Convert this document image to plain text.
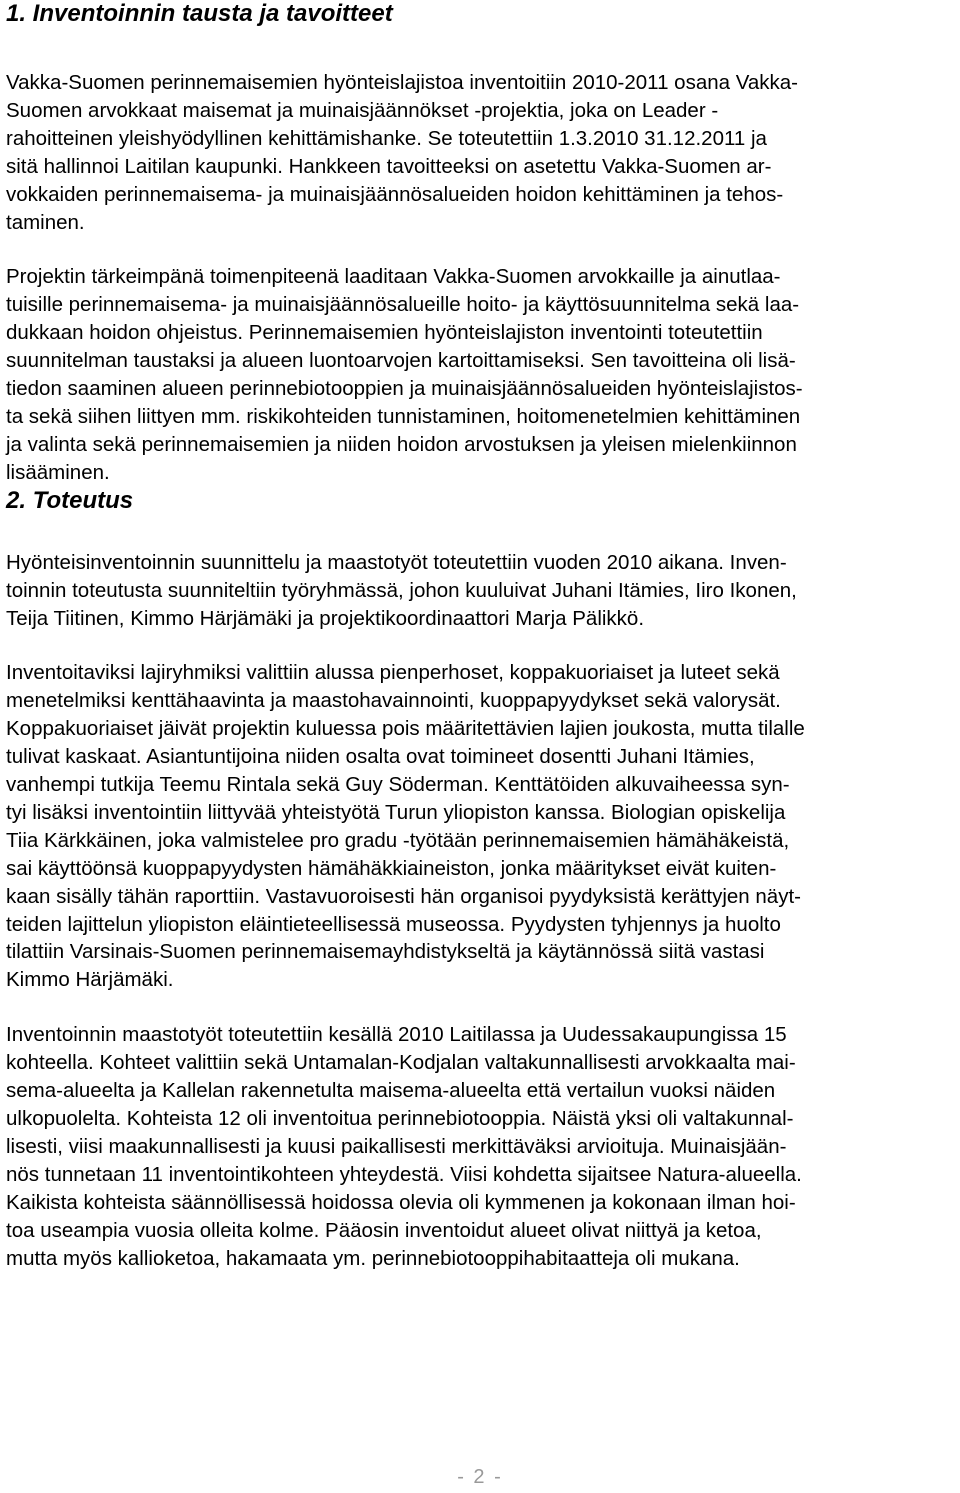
1. Inventoinnin tausta ja tavoitteet

Vakka-Suomen perinnemaisemien hyönteislajistoa inventoitiin 2010-2011 osana Vakka-
Suomen arvokkaat maisemat ja muinaisjäännökset -projektia, joka on Leader -
rahoitteinen yleishyödyllinen kehittämishanke. Se toteutettiin 1.3.2010 31.12.2011 ja
sitä hallinnoi Laitilan kaupunki. Hankkeen tavoitteeksi on asetettu Vakka-Suomen ar-
vokkaiden perinnemaisema- ja muinaisjäännösalueiden hoidon kehittäminen ja tehos-
taminen.

Projektin tärkeimpänä toimenpiteenä laaditaan Vakka-Suomen arvokkaille ja ainutlaa-
tuisille perinnemaisema- ja muinaisjäännösalueille hoito- ja käyttösuunnitelma sekä laa-
dukkaan hoidon ohjeistus. Perinnemaisemien hyönteislajiston inventointi toteutettiin
suunnitelman taustaksi ja alueen luontoarvojen kartoittamiseksi. Sen tavoitteina oli lisä-
tiedon saaminen alueen perinnebiotooppien ja muinaisjäännösalueiden hyönteislajistos-
ta sekä siihen liittyen mm. riskikohteiden tunnistaminen, hoitomenetelmien kehittäminen
ja valinta sekä perinnemaisemien ja niiden hoidon arvostuksen ja yleisen mielenkiinnon
lisääminen.

2. Toteutus

Hyönteisinventoinnin suunnittelu ja maastotyöt toteutettiin vuoden 2010 aikana. Inven-
toinnin toteutusta suunniteltiin työryhmässä, johon kuuluivat Juhani Itämies, Iiro Ikonen,
Teija Tiitinen, Kimmo Härjämäki ja projektikoordinaattori Marja Pälikkö.

Inventoitaviksi lajiryhmiksi valittiin alussa pienperhoset, koppakuoriaiset ja luteet sekä
menetelmiksi kenttähaavinta ja maastohavainnointi, kuoppapyydykset sekä valorysät.
Koppakuoriaiset jäivät projektin kuluessa pois määritettävien lajien joukosta, mutta tilalle
tulivat kaskaat. Asiantuntijoina niiden osalta ovat toimineet dosentti Juhani Itämies,
vanhempi tutkija Teemu Rintala sekä Guy Söderman. Kenttätöiden alkuvaiheessa syn-
tyi lisäksi inventointiin liittyvää yhteistyötä Turun yliopiston kanssa. Biologian opiskelija
Tiia Kärkkäinen, joka valmistelee pro gradu -työtään perinnemaisemien hämähäkeistä,
sai käyttöönsä kuoppapyydysten hämähäkkiaineiston, jonka määritykset eivät kuiten-
kaan sisälly tähän raporttiin. Vastavuoroisesti hän organisoi pyydyksistä kerättyjen näyt-
teiden lajittelun yliopiston eläintieteellisessä museossa. Pyydysten tyhjennys ja huolto
tilattiin Varsinais-Suomen perinnemaisemayhdistykseltä ja käytännössä siitä vastasi
Kimmo Härjämäki.

Inventoinnin maastotyöt toteutettiin kesällä 2010 Laitilassa ja Uudessakaupungissa 15
kohteella. Kohteet valittiin sekä Untamalan-Kodjalan valtakunnallisesti arvokkaalta mai-
sema-alueelta ja Kallelan rakennetulta maisema-alueelta että vertailun vuoksi näiden
ulkopuolelta. Kohteista 12 oli inventoitua perinnebiotooppia. Näistä yksi oli valtakunnal-
lisesti, viisi maakunnallisesti ja kuusi paikallisesti merkittäväksi arvioituja. Muinaisjään-
nös tunnetaan 11 inventointikohteen yhteydestä. Viisi kohdetta sijaitsee Natura-alueella.
Kaikista kohteista säännöllisessä hoidossa olevia oli kymmenen ja kokonaan ilman hoi-
toa useampia vuosia olleita kolme. Pääosin inventoidut alueet olivat niittyä ja ketoa,
mutta myös kallioketoa, hakamaata ym. perinnebiotooppihabitaatteja oli mukana.

- 2 -
